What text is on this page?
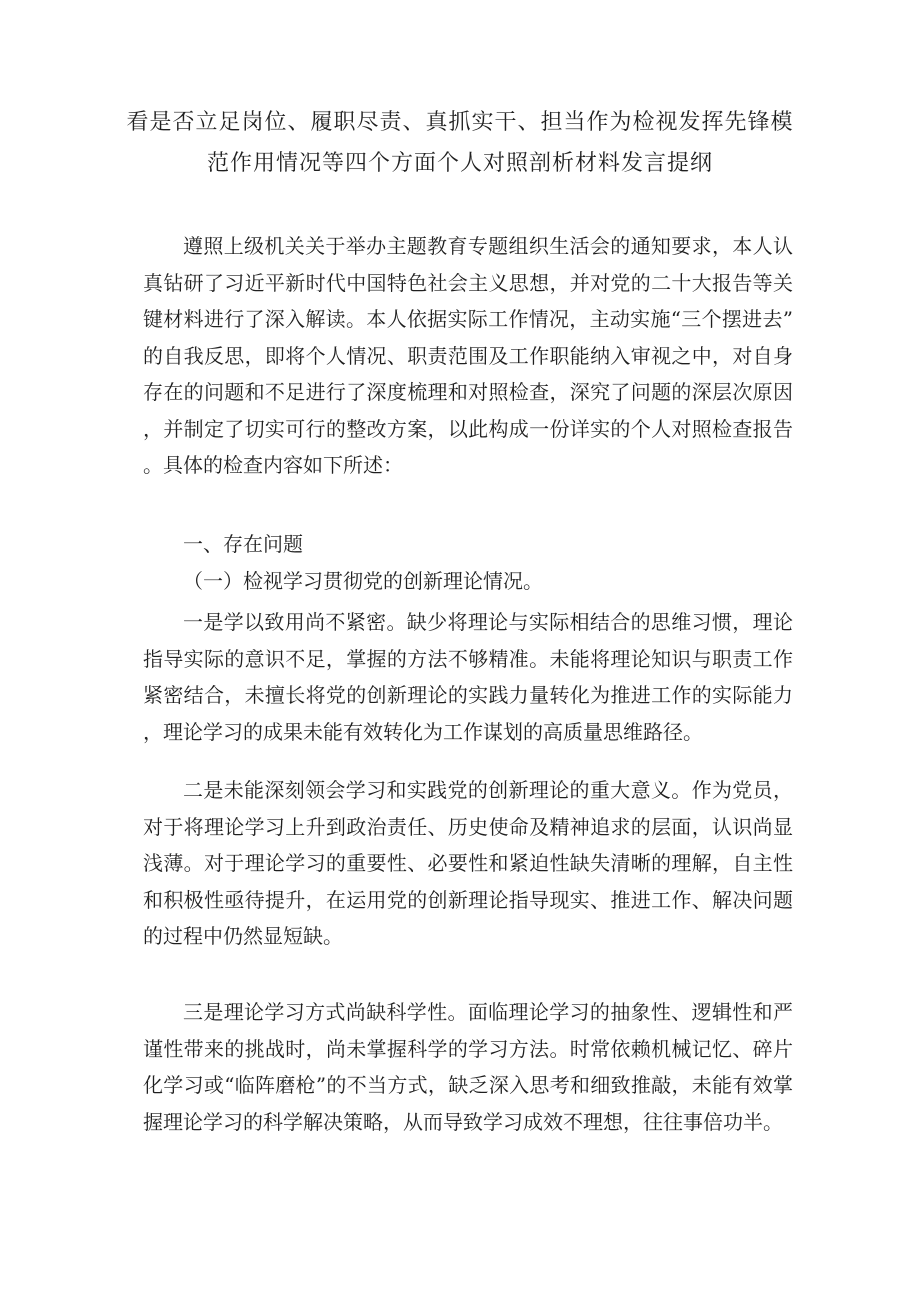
看是否立足岗位、履职尽责、真抓实干、担当作为检视发挥先锋模
范作用情况等四个方面个人对照剖析材料发言提纲

遵照上级机关关于举办主题教育专题组织生活会的通知要求，本人认真钻研了习近平新时代中国特色社会主义思想，并对党的二十大报告等关键材料进行了深入解读。本人依据实际工作情况，主动实施“三个摆进去”的自我反思，即将个人情况、职责范围及工作职能纳入审视之中，对自身存在的问题和不足进行了深度梳理和对照检查，深究了问题的深层次原因，并制定了切实可行的整改方案，以此构成一份详实的个人对照检查报告。具体的检查内容如下所述：

一、存在问题

（一）检视学习贯彻党的创新理论情况。

一是学以致用尚不紧密。缺少将理论与实际相结合的思维习惯，理论指导实际的意识不足，掌握的方法不够精准。未能将理论知识与职责工作紧密结合，未擅长将党的创新理论的实践力量转化为推进工作的实际能力，理论学习的成果未能有效转化为工作谋划的高质量思维路径。

二是未能深刻领会学习和实践党的创新理论的重大意义。作为党员，对于将理论学习上升到政治责任、历史使命及精神追求的层面，认识尚显浅薄。对于理论学习的重要性、必要性和紧迫性缺失清晰的理解，自主性和积极性亟待提升，在运用党的创新理论指导现实、推进工作、解决问题的过程中仍然显短缺。

三是理论学习方式尚缺科学性。面临理论学习的抽象性、逻辑性和严谨性带来的挑战时，尚未掌握科学的学习方法。时常依赖机械记忆、碎片化学习或“临阵磨枪”的不当方式，缺乏深入思考和细致推敲，未能有效掌握理论学习的科学解决策略，从而导致学习成效不理想，往往事倍功半。
